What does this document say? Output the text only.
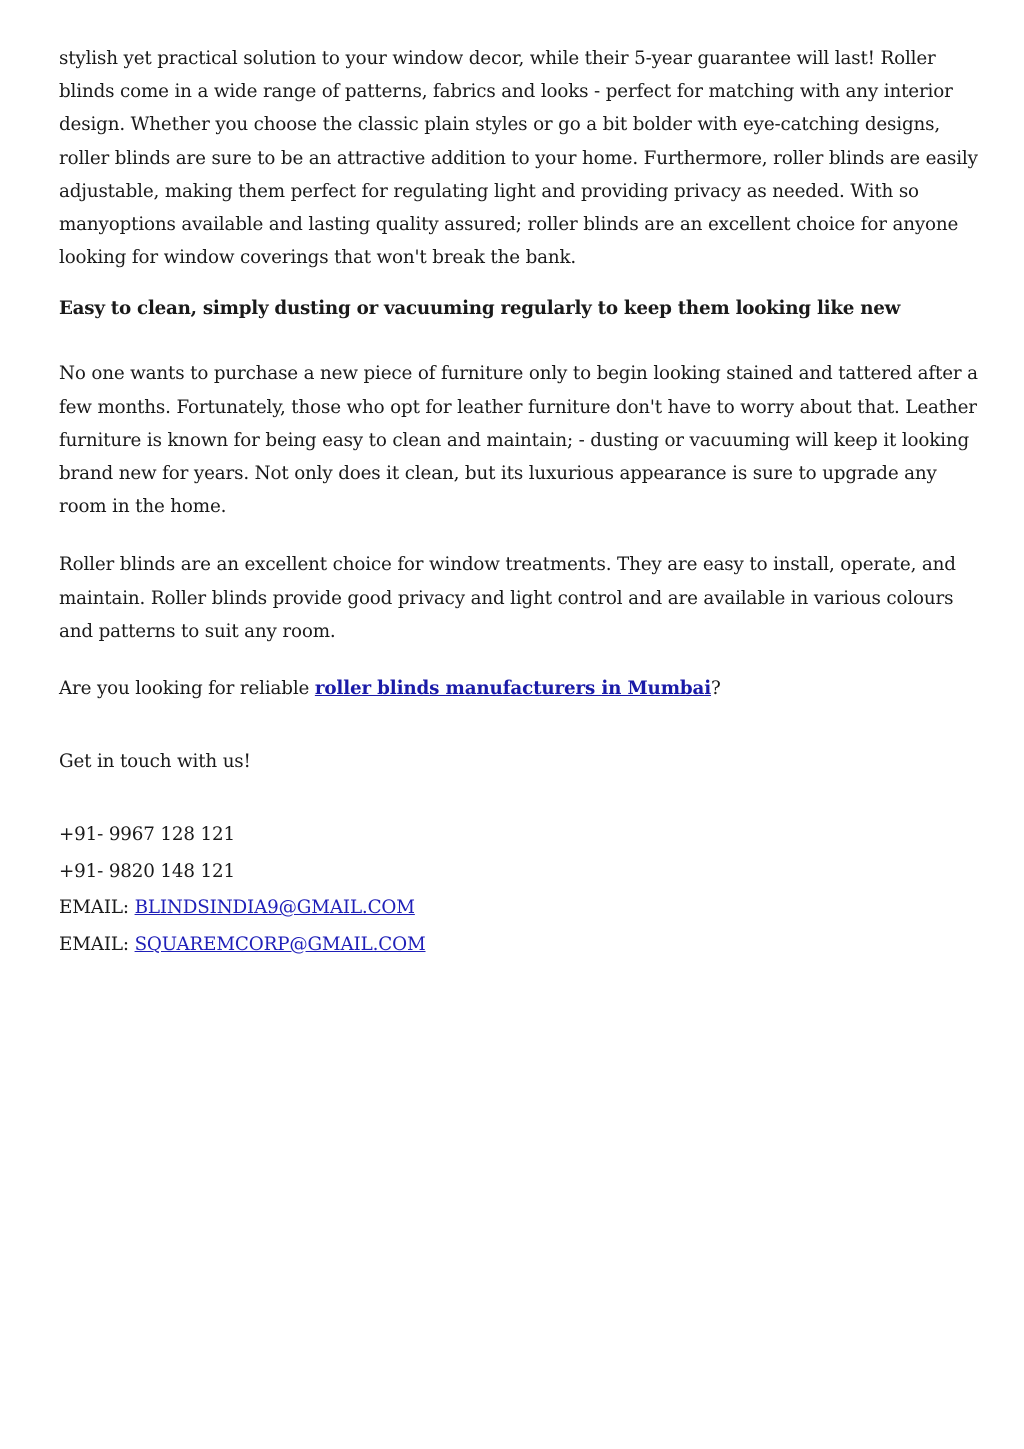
stylish yet practical solution to your window decor, while their 5-year guarantee will last! Roller blinds come in a wide range of patterns, fabrics and looks - perfect for matching with any interior design. Whether you choose the classic plain styles or go a bit bolder with eye-catching designs, roller blinds are sure to be an attractive addition to your home. Furthermore, roller blinds are easily adjustable, making them perfect for regulating light and providing privacy as needed. With so manyoptions available and lasting quality assured; roller blinds are an excellent choice for anyone looking for window coverings that won't break the bank.

Easy to clean, simply dusting or vacuuming regularly to keep them looking like new

No one wants to purchase a new piece of furniture only to begin looking stained and tattered after a few months. Fortunately, those who opt for leather furniture don't have to worry about that. Leather furniture is known for being easy to clean and maintain; - dusting or vacuuming will keep it looking brand new for years. Not only does it clean, but its luxurious appearance is sure to upgrade any room in the home.

Roller blinds are an excellent choice for window treatments. They are easy to install, operate, and maintain. Roller blinds provide good privacy and light control and are available in various colours and patterns to suit any room.

Are you looking for reliable roller blinds manufacturers in Mumbai?

Get in touch with us!

+91- 9967 128 121

+91- 9820 148 121

EMAIL: BLINDSINDIA9@GMAIL.COM

EMAIL: SQUAREMCORP@GMAIL.COM
